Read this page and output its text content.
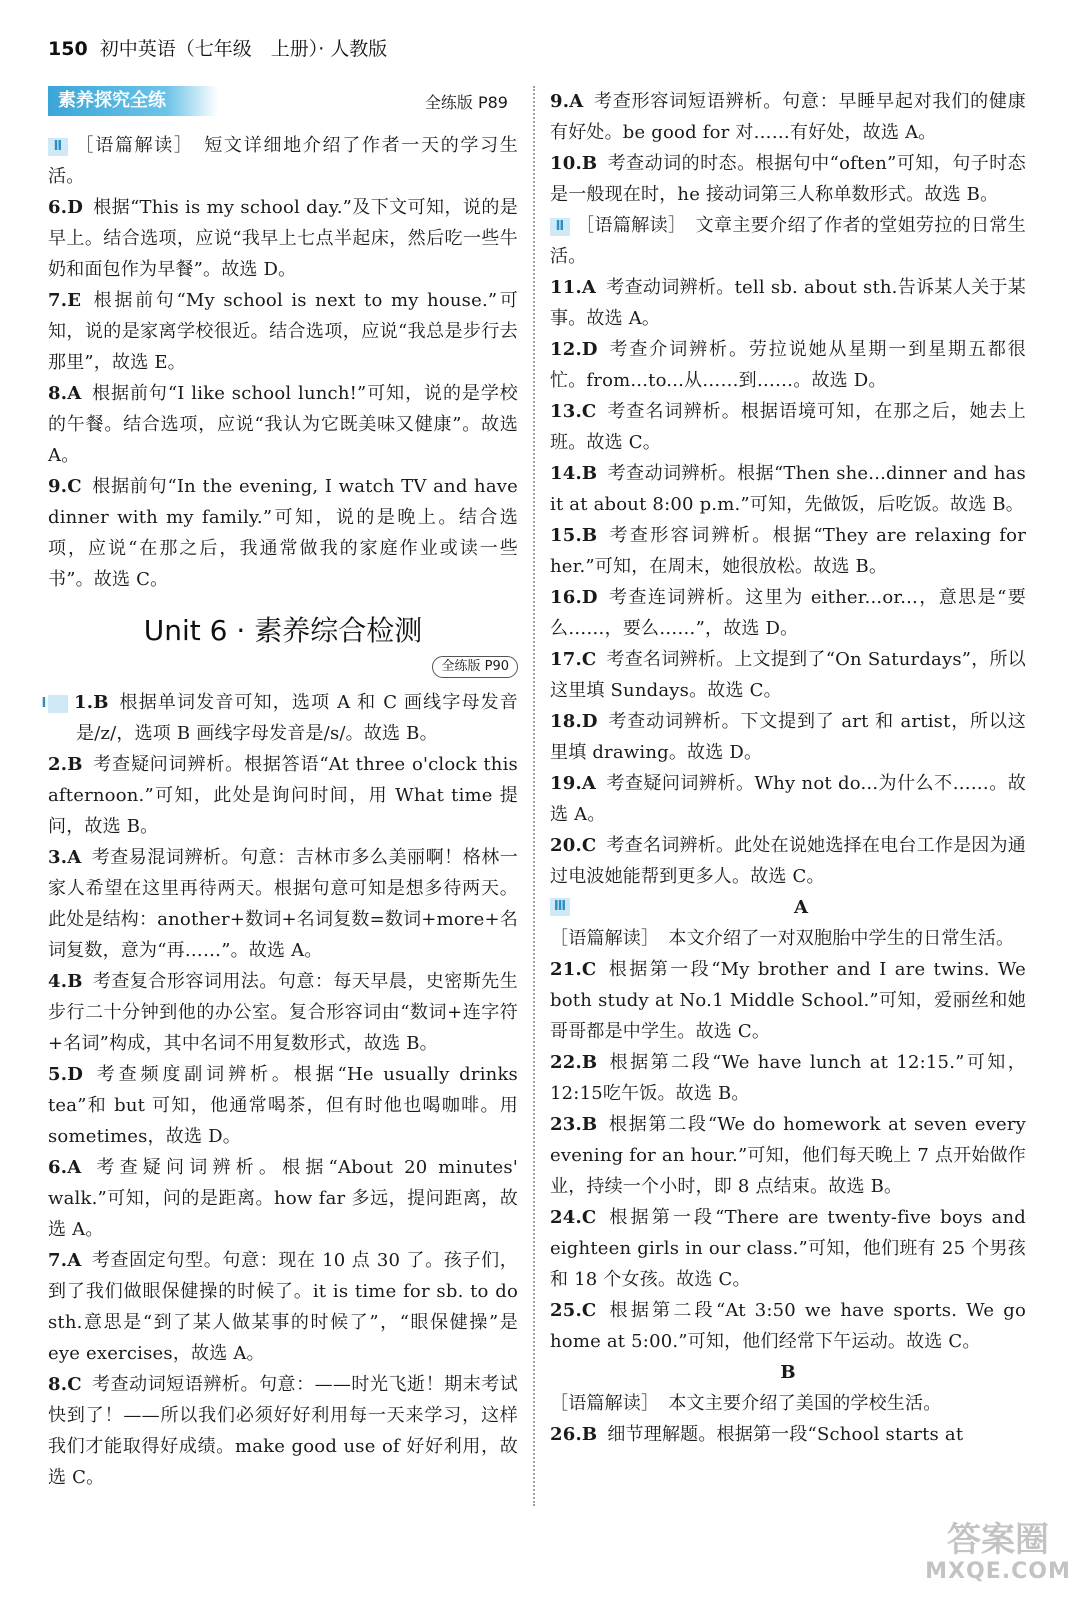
150 初中英语（七年级　上册）· 人教版
素养探究全练	全练版 P89

Ⅱ ［语篇解读］　短文详细地介绍了作者一天的学习生活。

6.D 根据“This is my school day.”及下文可知，说的是早上。结合选项，应说“我早上七点半起床，然后吃一些牛奶和面包作为早餐”。故选 D。

7.E 根据前句“My school is next to my house.”可知，说的是家离学校很近。结合选项，应说“我总是步行去那里”，故选 E。

8.A 根据前句“I like school lunch!”可知，说的是学校的午餐。结合选项，应说“我认为它既美味又健康”。故选 A。

9.C 根据前句“In the evening, I watch TV and have dinner with my family.”可知，说的是晚上。结合选项，应说“在那之后，我通常做我的家庭作业或读一些书”。故选 C。

Unit 6 · 素养综合检测
全练版 P90

Ⅰ 1.B 根据单词发音可知，选项 A 和 C 画线字母发音是/z/，选项 B 画线字母发音是/s/。故选 B。

2.B 考查疑问词辨析。根据答语“At three o'clock this afternoon.”可知，此处是询问时间，用 What time 提问，故选 B。

3.A 考查易混词辨析。句意：吉林市多么美丽啊！格林一家人希望在这里再待两天。根据句意可知是想多待两天。此处是结构：another+数词+名词复数=数词+more+名词复数，意为“再……”。故选 A。

4.B 考查复合形容词用法。句意：每天早晨，史密斯先生步行二十分钟到他的办公室。复合形容词由“数词+连字符+名词”构成，其中名词不用复数形式，故选 B。

5.D 考查频度副词辨析。根据“He usually drinks tea”和 but 可知，他通常喝茶，但有时他也喝咖啡。用 sometimes，故选 D。

6.A 考查疑问词辨析。根据“About 20 minutes' walk.”可知，问的是距离。how far 多远，提问距离，故选 A。

7.A 考查固定句型。句意：现在 10 点 30 了。孩子们，到了我们做眼保健操的时候了。it is time for sb. to do sth.意思是“到了某人做某事的时候了”，“眼保健操”是 eye exercises，故选 A。

8.C 考查动词短语辨析。句意：——时光飞逝！期末考试快到了！——所以我们必须好好利用每一天来学习，这样我们才能取得好成绩。make good use of 好好利用，故选 C。

9.A 考查形容词短语辨析。句意：早睡早起对我们的健康有好处。be good for 对……有好处，故选 A。

10.B 考查动词的时态。根据句中“often”可知，句子时态是一般现在时，he 接动词第三人称单数形式。故选 B。

Ⅱ ［语篇解读］　文章主要介绍了作者的堂姐劳拉的日常生活。

11.A 考查动词辨析。tell sb. about sth.告诉某人关于某事。故选 A。

12.D 考查介词辨析。劳拉说她从星期一到星期五都很忙。from...to...从……到……。故选 D。

13.C 考查名词辨析。根据语境可知，在那之后，她去上班。故选 C。

14.B 考查动词辨析。根据“Then she...dinner and has it at about 8:00 p.m.”可知，先做饭，后吃饭。故选 B。

15.B 考查形容词辨析。根据“They are relaxing for her.”可知，在周末，她很放松。故选 B。

16.D 考查连词辨析。这里为 either...or...，意思是“要么……，要么……”，故选 D。

17.C 考查名词辨析。上文提到了“On Saturdays”，所以这里填 Sundays。故选 C。

18.D 考查动词辨析。下文提到了 art 和 artist，所以这里填 drawing。故选 D。

19.A 考查疑问词辨析。Why not do...为什么不……。故选 A。

20.C 考查名词辨析。此处在说她选择在电台工作是因为通过电波她能帮到更多人。故选 C。

Ⅲ	A

［语篇解读］　本文介绍了一对双胞胎中学生的日常生活。

21.C 根据第一段“My brother and I are twins. We both study at No.1 Middle School.”可知，爱丽丝和她哥哥都是中学生。故选 C。

22.B 根据第二段“We have lunch at 12:15.”可知，12:15吃午饭。故选 B。

23.B 根据第二段“We do homework at seven every evening for an hour.”可知，他们每天晚上 7 点开始做作业，持续一个小时，即 8 点结束。故选 B。

24.C 根据第一段“There are twenty-five boys and eighteen girls in our class.”可知，他们班有 25 个男孩和 18 个女孩。故选 C。

25.C 根据第二段“At 3:50 we have sports. We go home at 5:00.”可知，他们经常下午运动。故选 C。

B

［语篇解读］　本文主要介绍了美国的学校生活。

26.B 细节理解题。根据第一段“School starts at

答案圈
MXQE.COM
